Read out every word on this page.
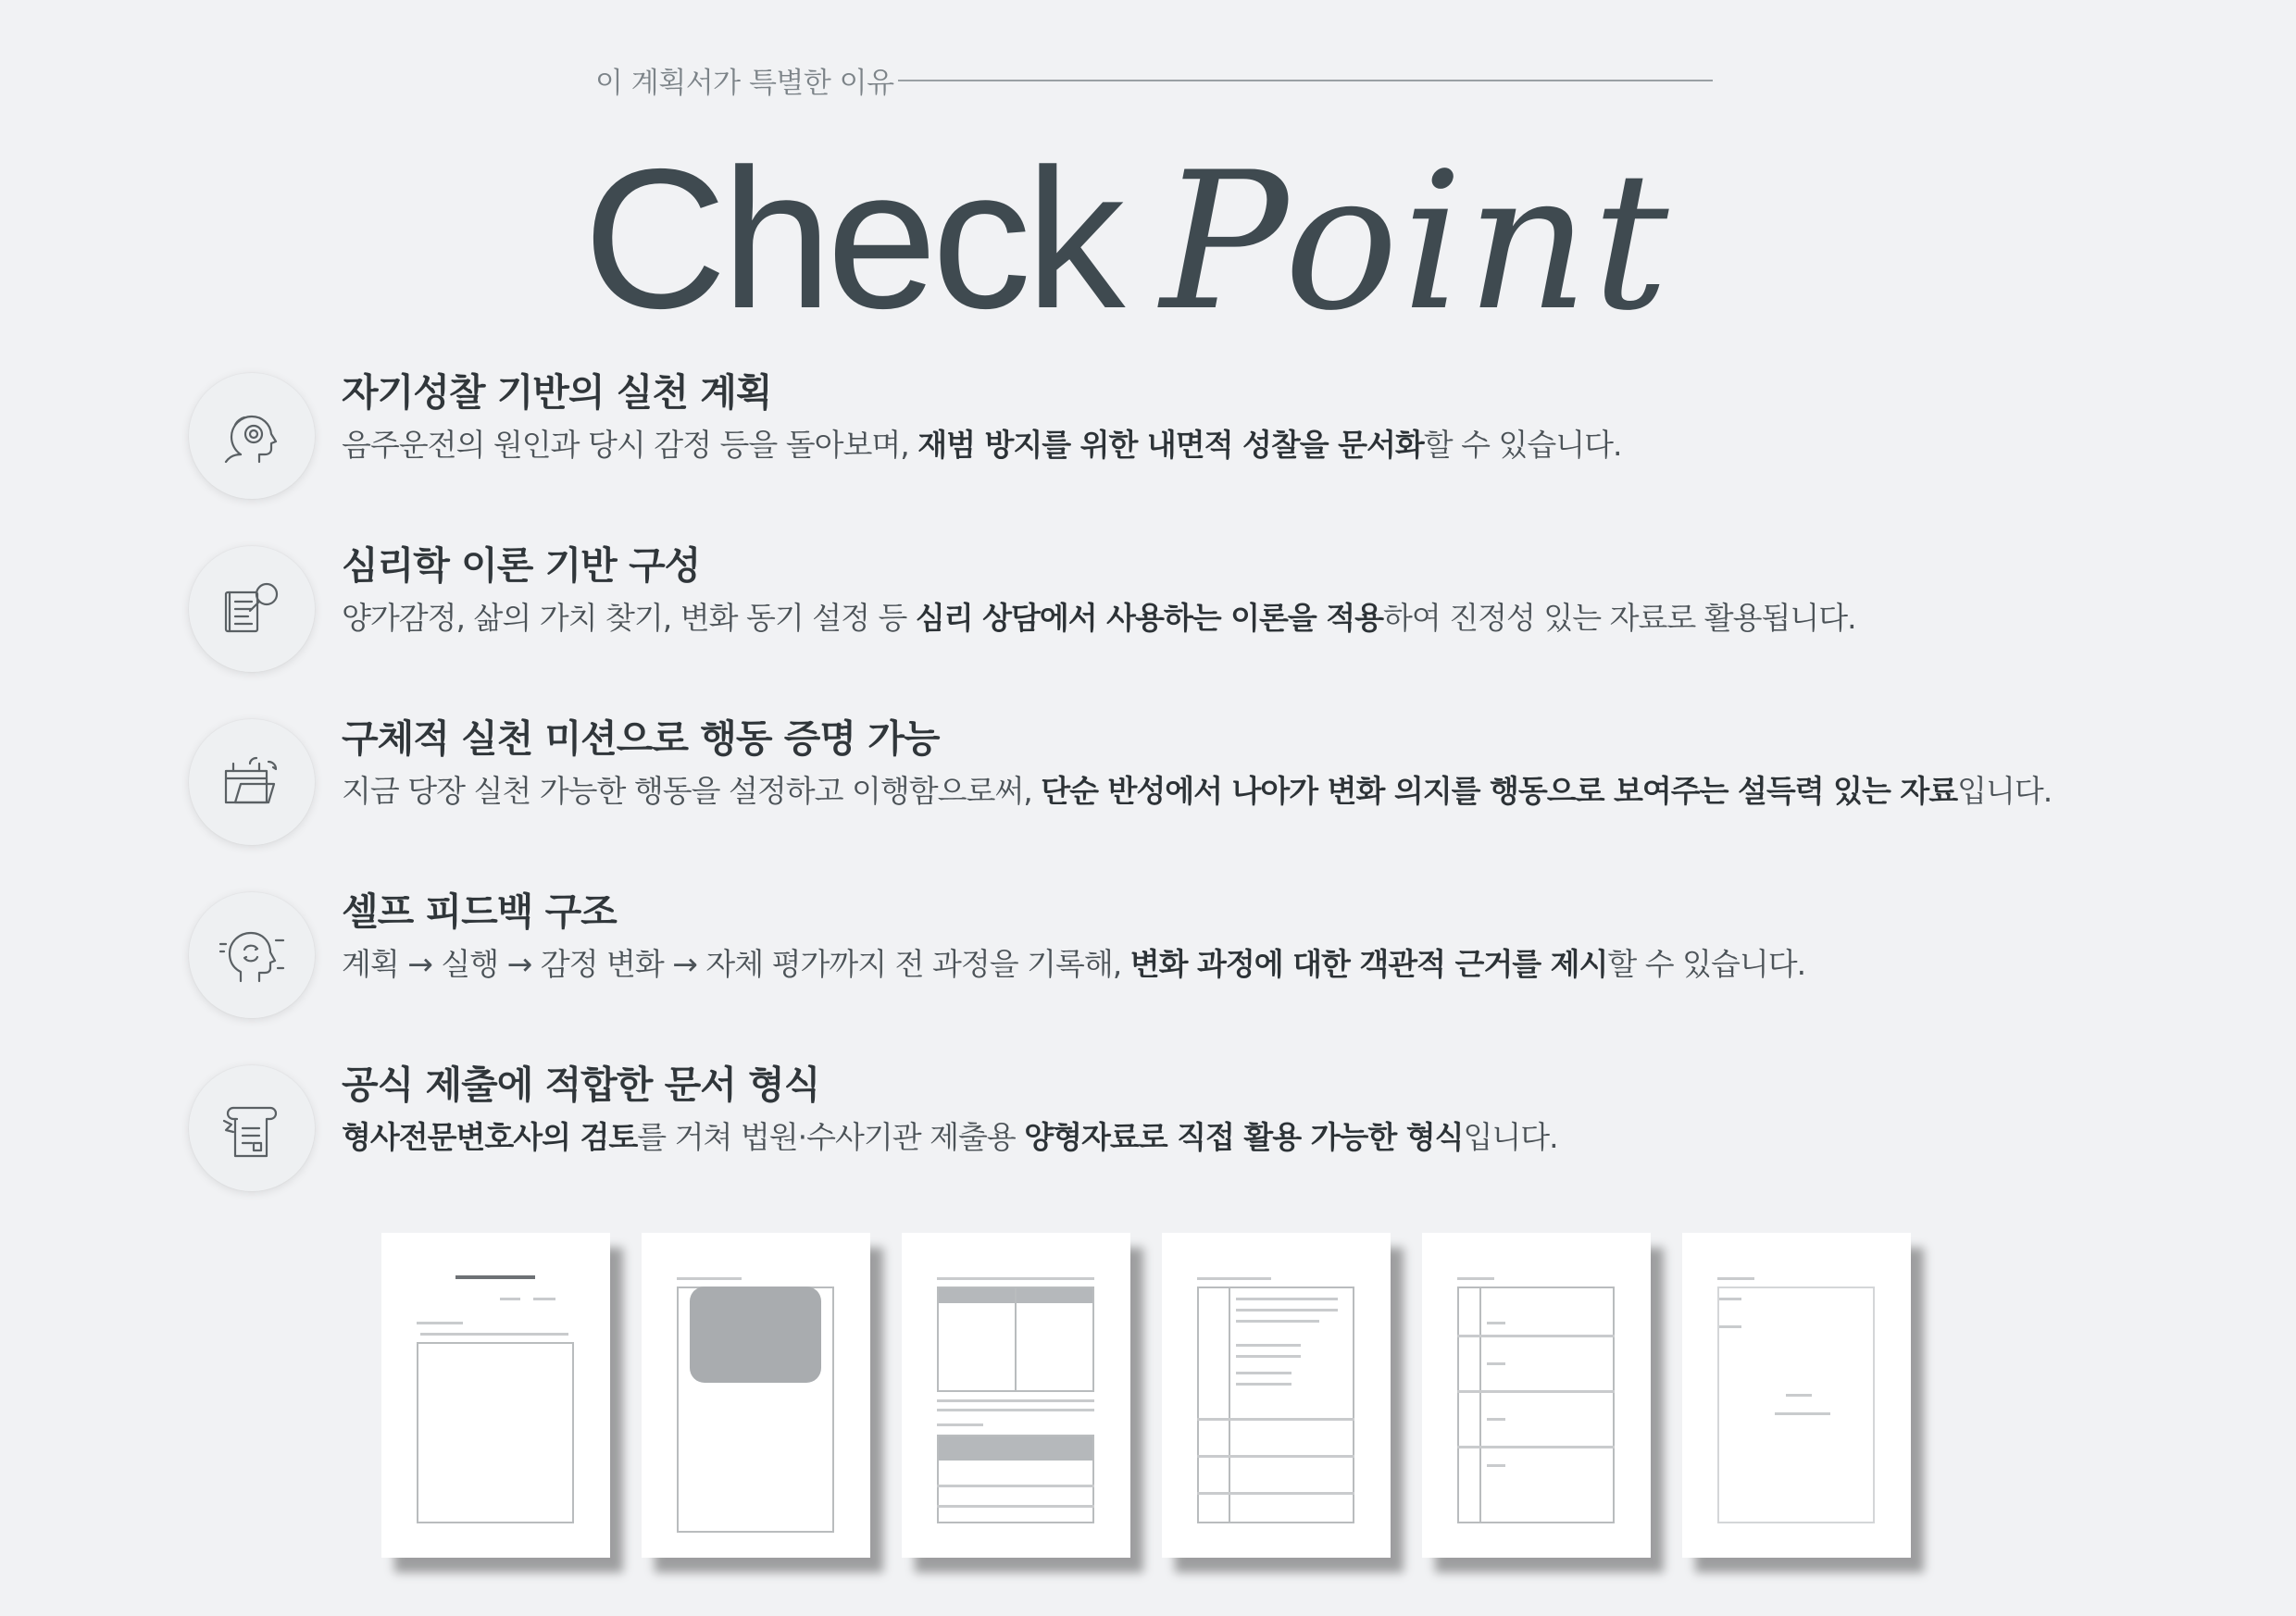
이 계획서가 특별한 이유
Check Point
자기성찰 기반의 실천 계획
음주운전의 원인과 당시 감정 등을 돌아보며, 재범 방지를 위한 내면적 성찰을 문서화할 수 있습니다.
심리학 이론 기반 구성
양가감정, 삶의 가치 찾기, 변화 동기 설정 등 심리 상담에서 사용하는 이론을 적용하여 진정성 있는 자료로 활용됩니다.
구체적 실천 미션으로 행동 증명 가능
지금 당장 실천 가능한 행동을 설정하고 이행함으로써, 단순 반성에서 나아가 변화 의지를 행동으로 보여주는 설득력 있는 자료입니다.
셀프 피드백 구조
계획 → 실행 → 감정 변화 → 자체 평가까지 전 과정을 기록해, 변화 과정에 대한 객관적 근거를 제시할 수 있습니다.
공식 제출에 적합한 문서 형식
형사전문변호사의 검토를 거쳐 법원·수사기관 제출용 양형자료로 직접 활용 가능한 형식입니다.
